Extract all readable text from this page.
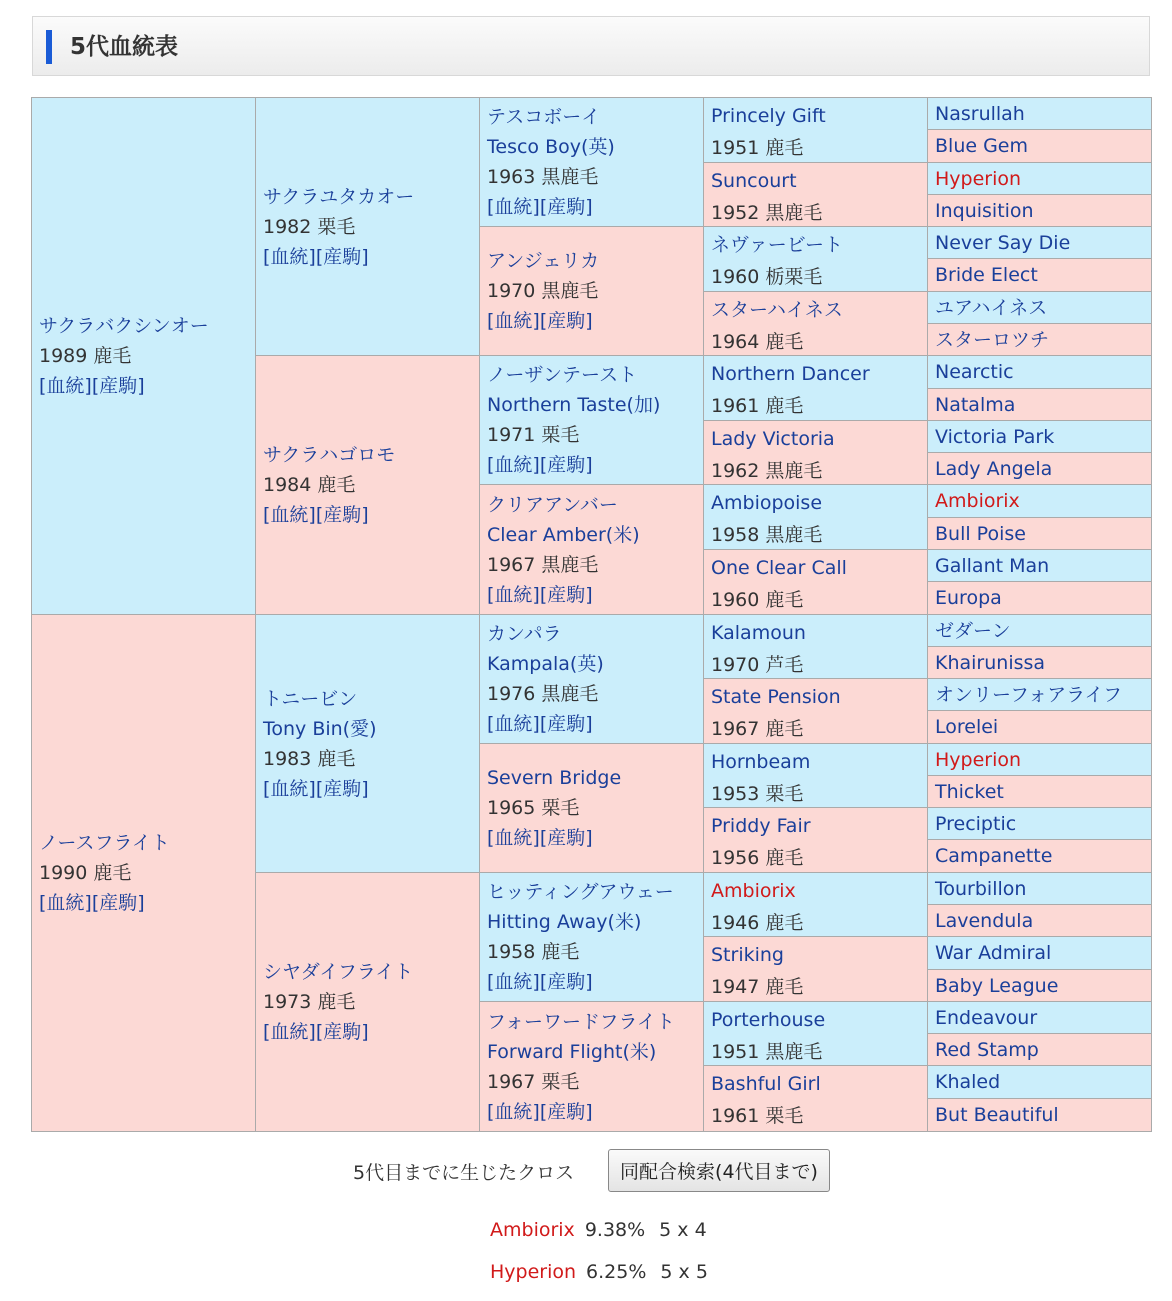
5代血統表
サクラバクシンオー
1989 鹿毛
[血統][産駒]
ノースフライト
1990 鹿毛
[血統][産駒]
サクラユタカオー
1982 栗毛
[血統][産駒]
サクラハゴロモ
1984 鹿毛
[血統][産駒]
トニービン
Tony Bin(愛)
1983 鹿毛
[血統][産駒]
シヤダイフライト
1973 鹿毛
[血統][産駒]
テスコボーイ
Tesco Boy(英)
1963 黒鹿毛
[血統][産駒]
アンジェリカ
1970 黒鹿毛
[血統][産駒]
ノーザンテースト
Northern Taste(加)
1971 栗毛
[血統][産駒]
クリアアンバー
Clear Amber(米)
1967 黒鹿毛
[血統][産駒]
カンパラ
Kampala(英)
1976 黒鹿毛
[血統][産駒]
Severn Bridge
1965 栗毛
[血統][産駒]
ヒッティングアウェー
Hitting Away(米)
1958 鹿毛
[血統][産駒]
フォーワードフライト
Forward Flight(米)
1967 栗毛
[血統][産駒]
Princely Gift
1951 鹿毛
Suncourt
1952 黒鹿毛
ネヴァービート
1960 栃栗毛
スターハイネス
1964 鹿毛
Northern Dancer
1961 鹿毛
Lady Victoria
1962 黒鹿毛
Ambiopoise
1958 黒鹿毛
One Clear Call
1960 鹿毛
Kalamoun
1970 芦毛
State Pension
1967 鹿毛
Hornbeam
1953 栗毛
Priddy Fair
1956 鹿毛
Ambiorix
1946 鹿毛
Striking
1947 鹿毛
Porterhouse
1951 黒鹿毛
Bashful Girl
1961 栗毛
Nasrullah
Blue Gem
Hyperion
Inquisition
Never Say Die
Bride Elect
ユアハイネス
スターロツチ
Nearctic
Natalma
Victoria Park
Lady Angela
Ambiorix
Bull Poise
Gallant Man
Europa
ゼダーン
Khairunissa
オンリーフォアライフ
Lorelei
Hyperion
Thicket
Preciptic
Campanette
Tourbillon
Lavendula
War Admiral
Baby League
Endeavour
Red Stamp
Khaled
But Beautiful
5代目までに生じたクロス	同配合検索(4代目まで)
Ambiorix 9.38% 5 x 4
Hyperion 6.25% 5 x 5
